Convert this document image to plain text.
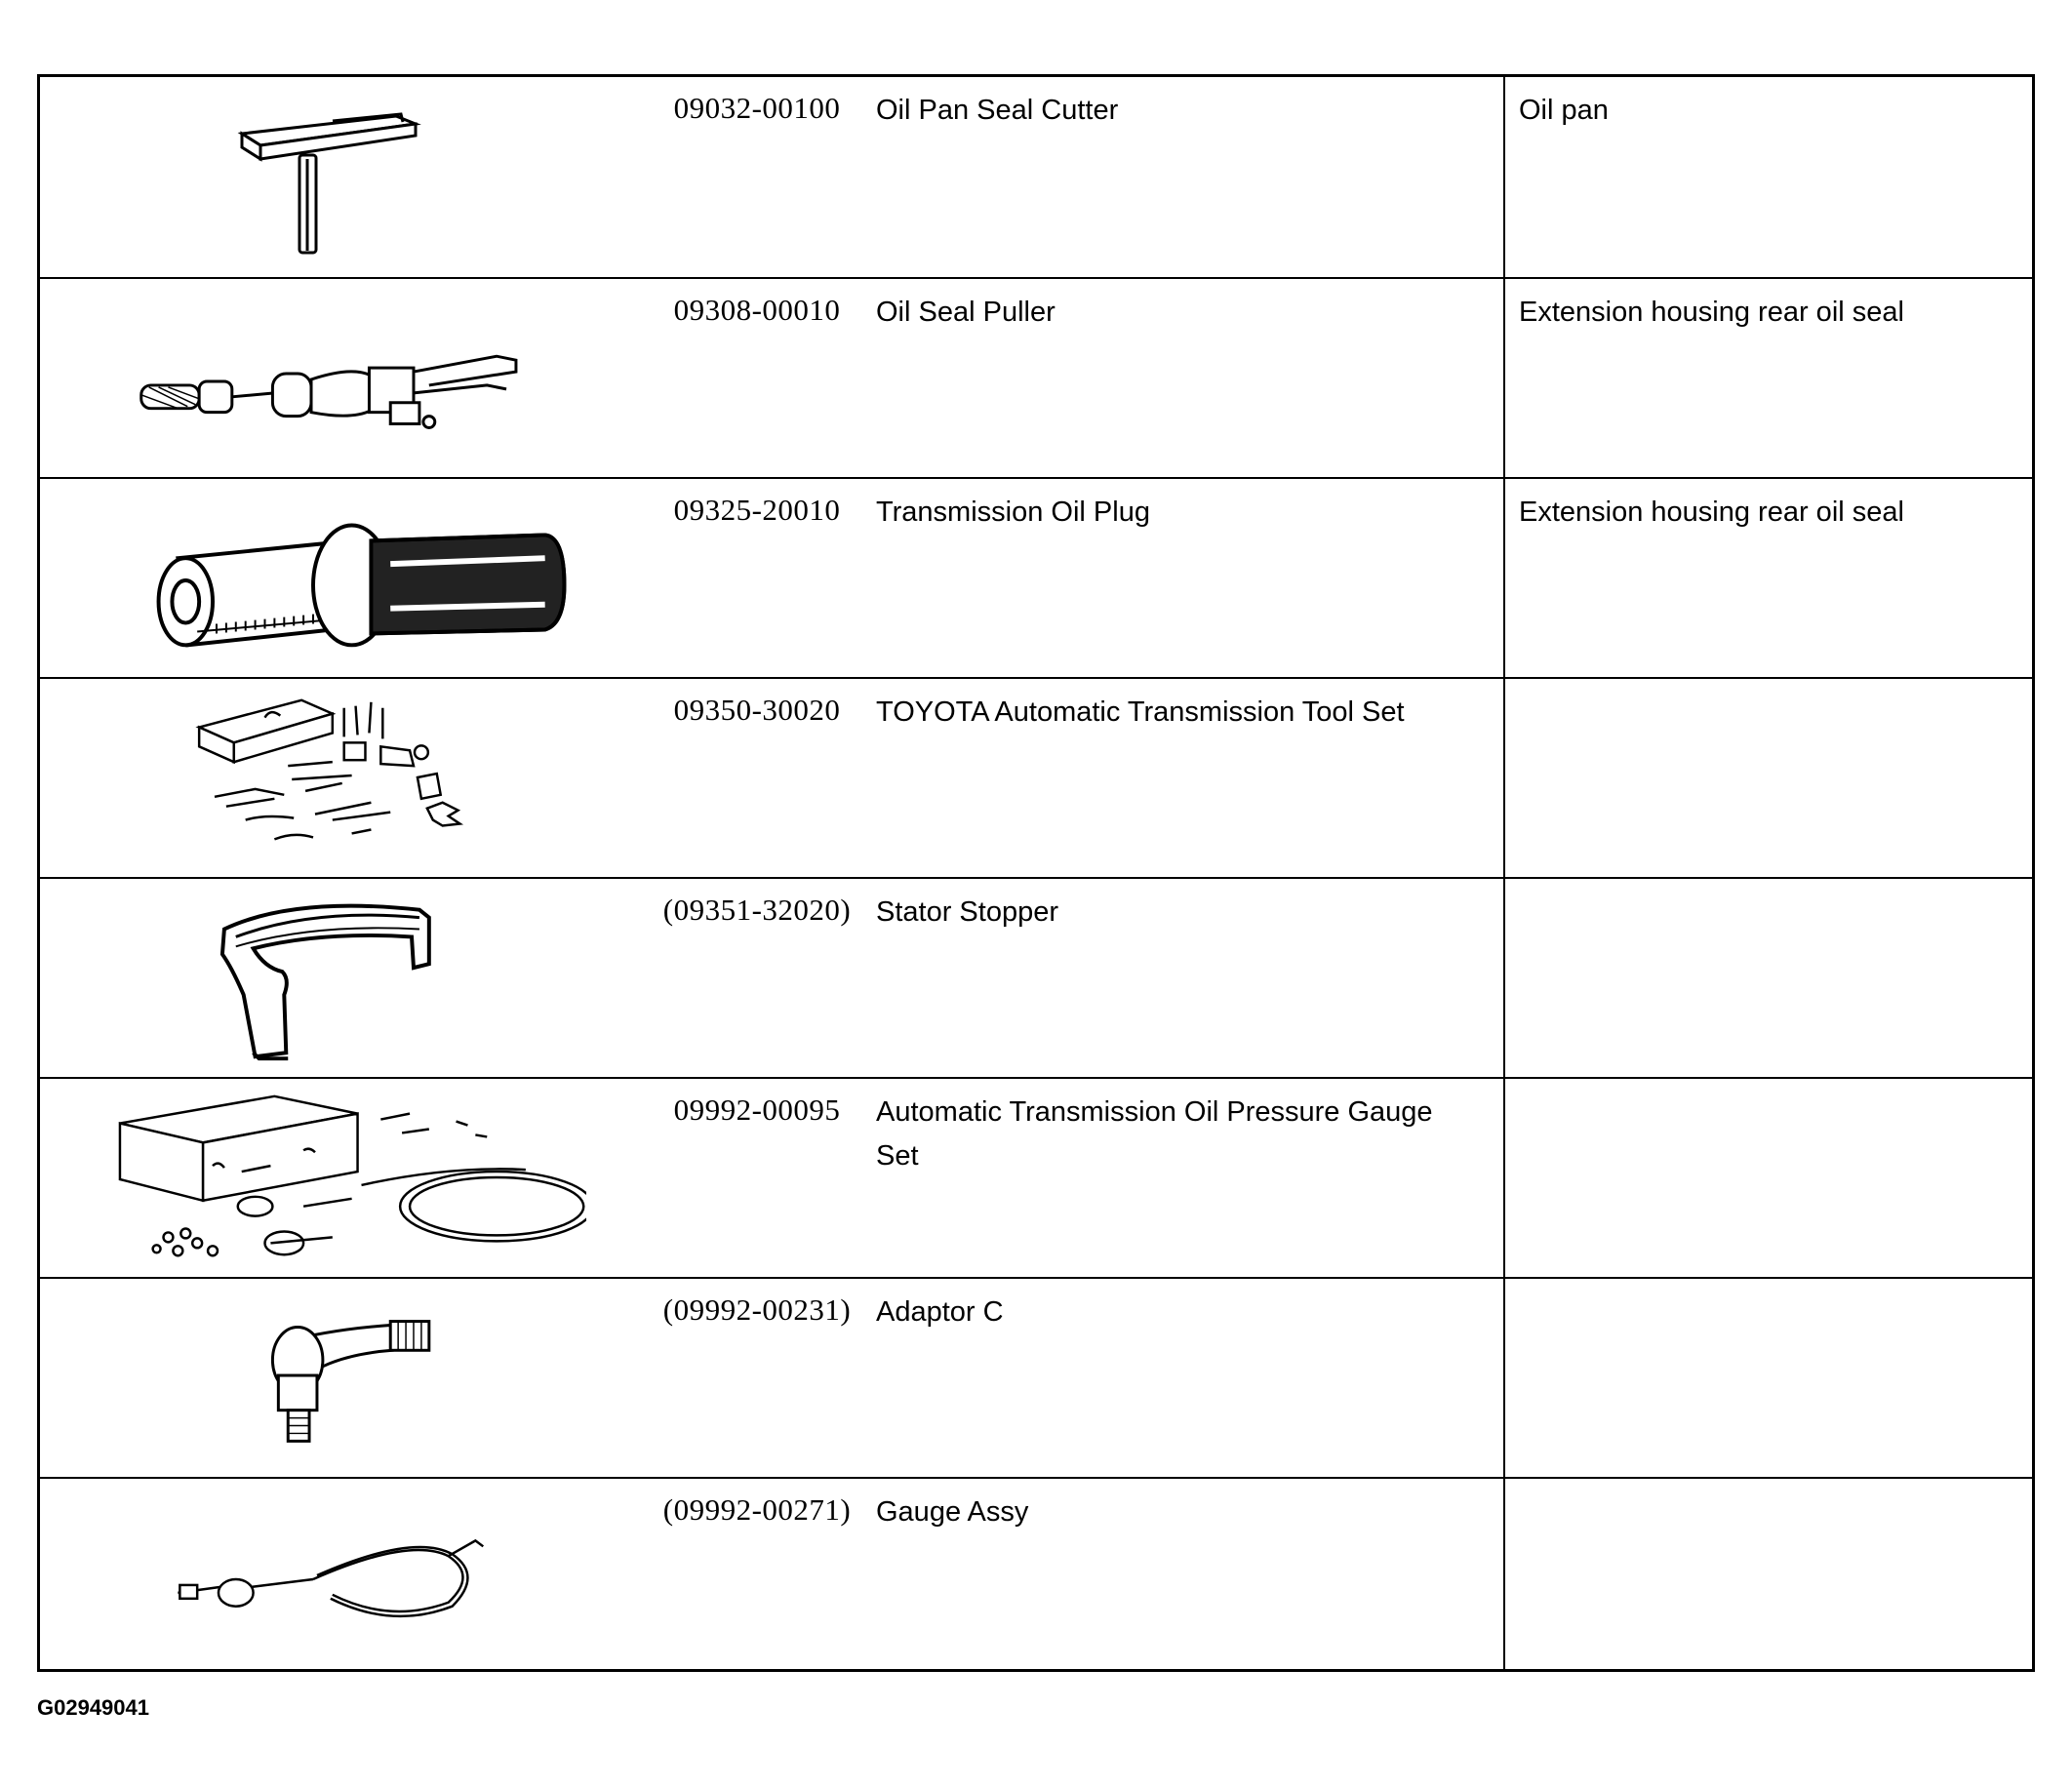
09032-00100	Oil Pan Seal Cutter	Oil pan
09308-00010	Oil Seal Puller	Extension housing rear oil seal
09325-20010	Transmission Oil Plug	Extension housing rear oil seal
09350-30020	TOYOTA Automatic Transmission Tool Set
(09351-32020) Stator Stopper
09992-00095	Automatic Transmission Oil Pressure Gauge Set
(09992-00231) Adaptor C
(09992-00271) Gauge Assy
G02949041
